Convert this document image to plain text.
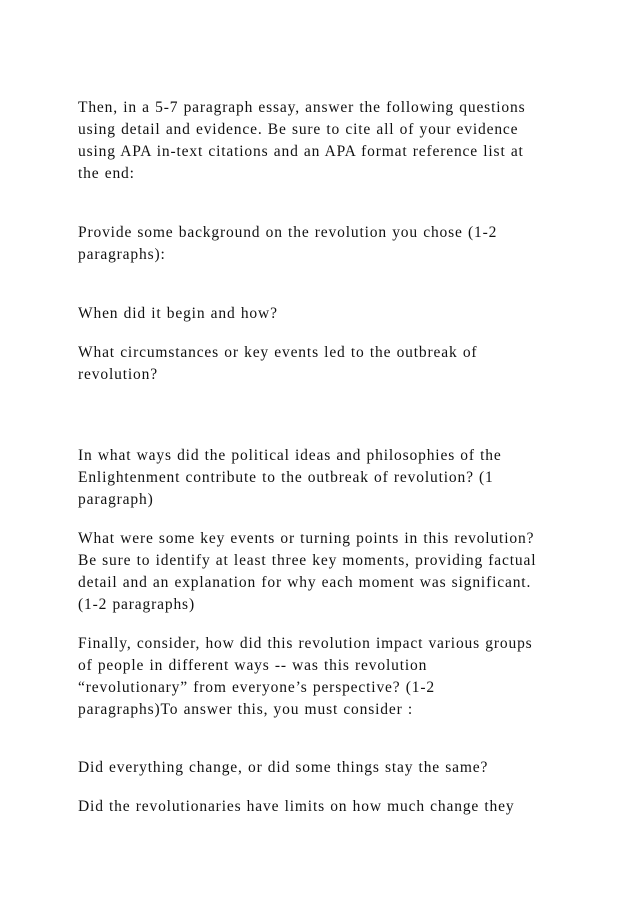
Then, in a 5-7 paragraph essay, answer the following questions
using detail and evidence. Be sure to cite all of your evidence
using APA in-text citations and an APA format reference list at
the end:
Provide some background on the revolution you chose (1-2
paragraphs):
When did it begin and how?
What circumstances or key events led to the outbreak of
revolution?
In what ways did the political ideas and philosophies of the
Enlightenment contribute to the outbreak of revolution? (1
paragraph)
What were some key events or turning points in this revolution?
Be sure to identify at least three key moments, providing factual
detail and an explanation for why each moment was significant.
(1-2 paragraphs)
Finally, consider, how did this revolution impact various groups
of people in different ways -- was this revolution
“revolutionary” from everyone’s perspective? (1-2
paragraphs)To answer this, you must consider :
Did everything change, or did some things stay the same?
Did the revolutionaries have limits on how much change they
